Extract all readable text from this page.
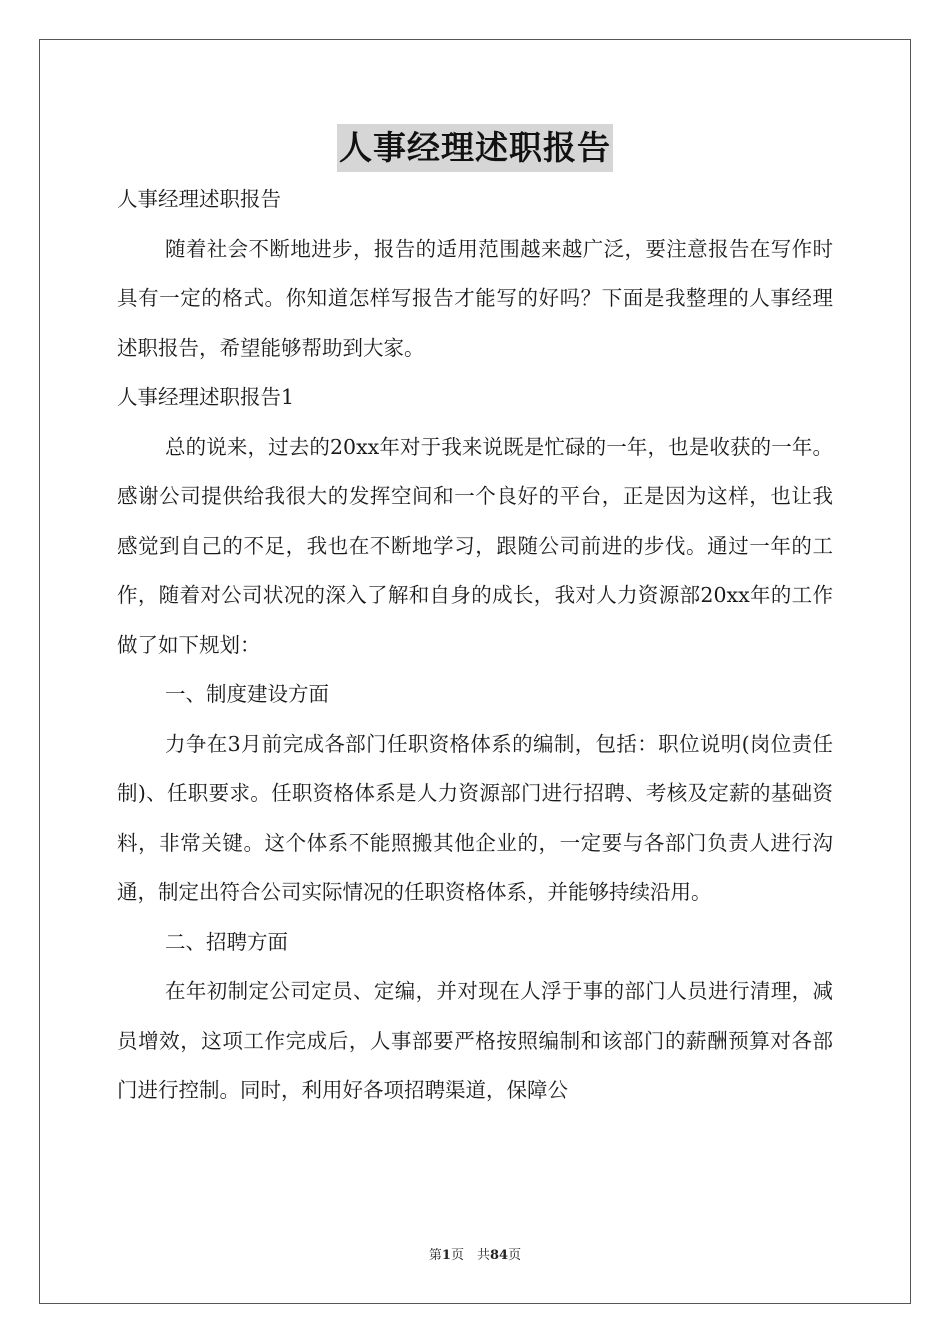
人事经理述职报告

人事经理述职报告

随着社会不断地进步，报告的适用范围越来越广泛，要注意报告在写作时具有一定的格式。你知道怎样写报告才能写的好吗？下面是我整理的人事经理述职报告，希望能够帮助到大家。

人事经理述职报告1

总的说来，过去的20xx年对于我来说既是忙碌的一年，也是收获的一年。感谢公司提供给我很大的发挥空间和一个良好的平台，正是因为这样，也让我感觉到自己的不足，我也在不断地学习，跟随公司前进的步伐。通过一年的工作，随着对公司状况的深入了解和自身的成长，我对人力资源部20xx年的工作做了如下规划：

一、制度建设方面

力争在3月前完成各部门任职资格体系的编制，包括：职位说明(岗位责任制)、任职要求。任职资格体系是人力资源部门进行招聘、考核及定薪的基础资料，非常关键。这个体系不能照搬其他企业的，一定要与各部门负责人进行沟通，制定出符合公司实际情况的任职资格体系，并能够持续沿用。

二、招聘方面

在年初制定公司定员、定编，并对现在人浮于事的部门人员进行清理，减员增效，这项工作完成后，人事部要严格按照编制和该部门的薪酬预算对各部门进行控制。同时，利用好各项招聘渠道，保障公

第1页　共84页
